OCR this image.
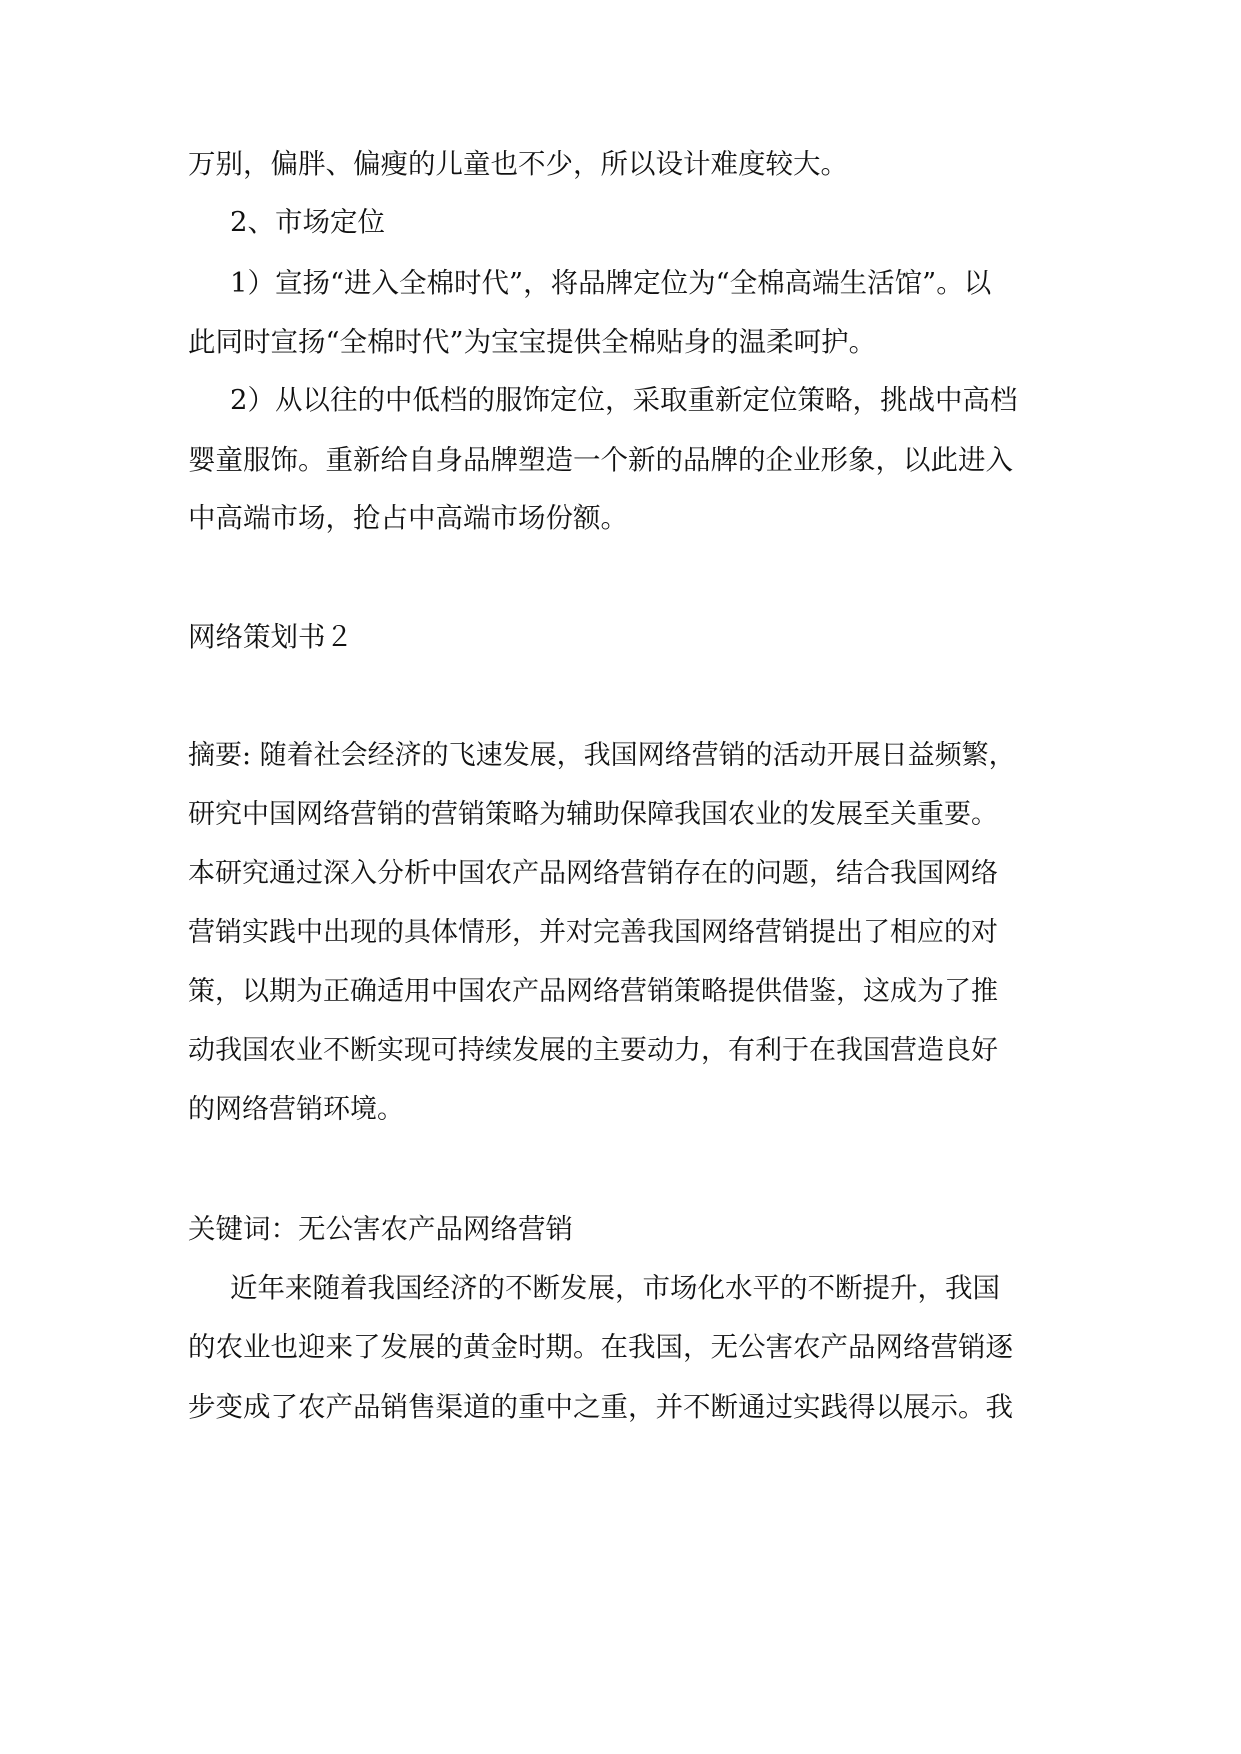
万别，偏胖、偏瘦的儿童也不少，所以设计难度较大。
2、市场定位
1）宣扬“进入全棉时代”，将品牌定位为“全棉高端生活馆”。以
此同时宣扬“全棉时代”为宝宝提供全棉贴身的温柔呵护。
2）从以往的中低档的服饰定位，采取重新定位策略，挑战中高档
婴童服饰。重新给自身品牌塑造一个新的品牌的企业形象，以此进入
中高端市场，抢占中高端市场份额。
网络策划书２
摘要: 随着社会经济的飞速发展，我国网络营销的活动开展日益频繁，
研究中国网络营销的营销策略为辅助保障我国农业的发展至关重要。
本研究通过深入分析中国农产品网络营销存在的问题，结合我国网络
营销实践中出现的具体情形，并对完善我国网络营销提出了相应的对
策，以期为正确适用中国农产品网络营销策略提供借鉴，这成为了推
动我国农业不断实现可持续发展的主要动力，有利于在我国营造良好
的网络营销环境。
关键词：无公害农产品网络营销
近年来随着我国经济的不断发展，市场化水平的不断提升，我国
的农业也迎来了发展的黄金时期。在我国，无公害农产品网络营销逐
步变成了农产品销售渠道的重中之重，并不断通过实践得以展示。我
